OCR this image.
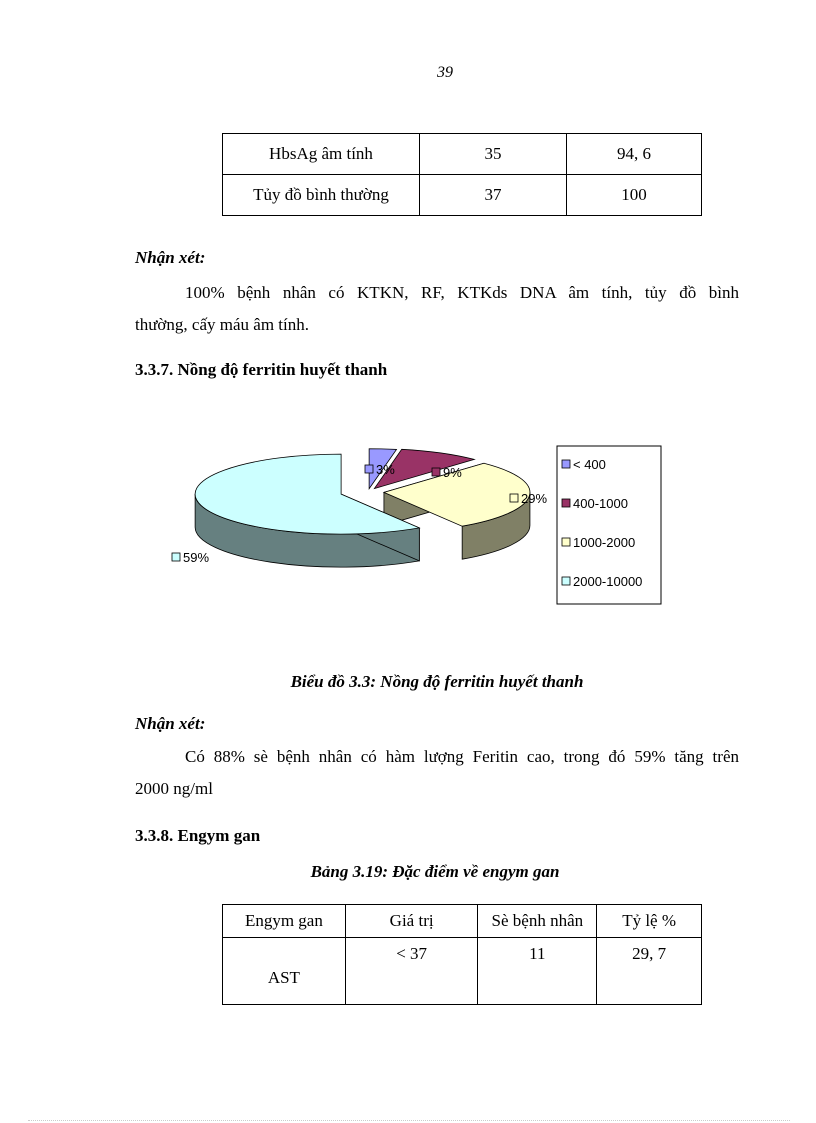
39
HbsAg âm tính	35	94, 6
Tủy đồ bình thường	37	100
Nhận xét:
100% bệnh nhân có KTKN, RF, KTKds DNA âm tính, tủy đồ bình
thường, cấy máu âm tính.
3.3.7. Nồng độ ferritin huyết thanh
3%	9%
29%
59%
< 400
400-1000
1000-2000
2000-10000
Biểu đồ 3.3: Nồng độ ferritin huyết thanh
Nhận xét:
Có 88% sè bệnh nhân có hàm lượng Feritin cao, trong đó 59% tăng trên
2000 ng/ml
3.3.8. Engym gan
Bảng 3.19: Đặc điểm về engym gan
Engym gan	Giá trị	Sè bệnh nhân	Tỷ lệ %

AST	< 37	11	29, 7
